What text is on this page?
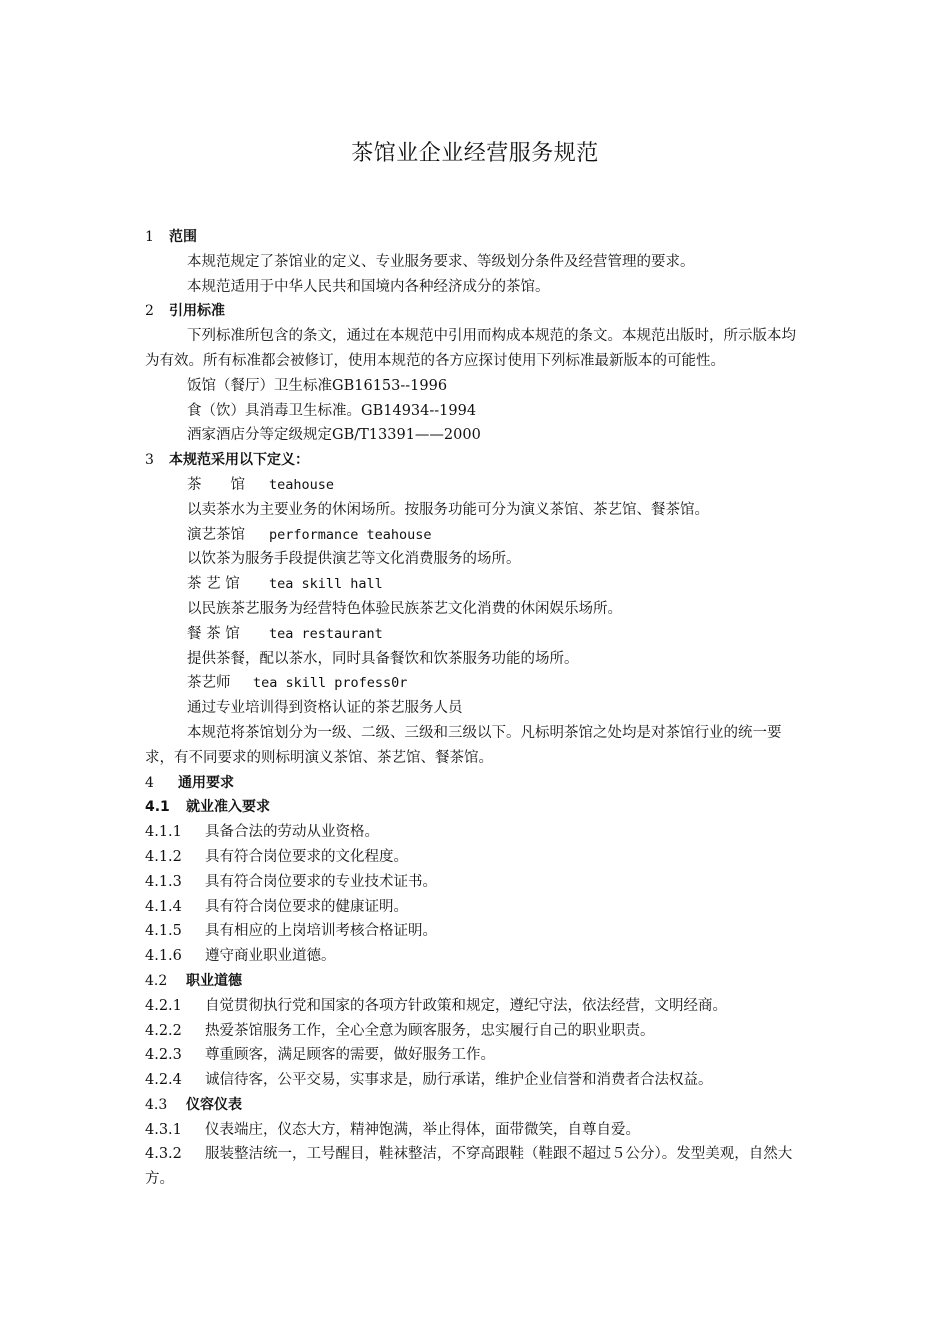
茶馆业企业经营服务规范
1 范围
本规范规定了茶馆业的定义、专业服务要求、等级划分条件及经营管理的要求。
本规范适用于中华人民共和国境内各种经济成分的茶馆。
2 引用标准
下列标准所包含的条文，通过在本规范中引用而构成本规范的条文。本规范出版时，所示版本均为有效。所有标准都会被修订，使用本规范的各方应探讨使用下列标准最新版本的可能性。
饭馆（餐厅）卫生标准GB16153--1996
食（饮）具消毒卫生标准。GB14934--1994
酒家酒店分等定级规定GB/T13391——2000
3 本规范采用以下定义：
茶　　馆 teahouse
以卖茶水为主要业务的休闲场所。按服务功能可分为演义茶馆、茶艺馆、餐茶馆。
演艺茶馆 performance teahouse
以饮茶为服务手段提供演艺等文化消费服务的场所。
茶 艺 馆 tea skill hall
以民族茶艺服务为经营特色体验民族茶艺文化消费的休闲娱乐场所。
餐 茶 馆 tea restaurant
提供茶餐，配以茶水，同时具备餐饮和饮茶服务功能的场所。
茶艺师 tea skill profess0r
通过专业培训得到资格认证的茶艺服务人员
本规范将茶馆划分为一级、二级、三级和三级以下。凡标明茶馆之处均是对茶馆行业的统一要求，有不同要求的则标明演义茶馆、茶艺馆、餐茶馆。
4 通用要求
4.1 就业准入要求
4.1.1 具备合法的劳动从业资格。
4.1.2 具有符合岗位要求的文化程度。
4.1.3 具有符合岗位要求的专业技术证书。
4.1.4 具有符合岗位要求的健康证明。
4.1.5 具有相应的上岗培训考核合格证明。
4.1.6 遵守商业职业道德。
4.2 职业道德
4.2.1 自觉贯彻执行党和国家的各项方针政策和规定，遵纪守法，依法经营，文明经商。
4.2.2 热爱茶馆服务工作，全心全意为顾客服务，忠实履行自己的职业职责。
4.2.3 尊重顾客，满足顾客的需要，做好服务工作。
4.2.4 诚信待客，公平交易，实事求是，励行承诺，维护企业信誉和消费者合法权益。
4.3 仪容仪表
4.3.1 仪表端庄，仪态大方，精神饱满，举止得体，面带微笑，自尊自爱。
4.3.2 服装整洁统一，工号醒目，鞋袜整洁，不穿高跟鞋（鞋跟不超过５公分）。发型美观，自然大方。
